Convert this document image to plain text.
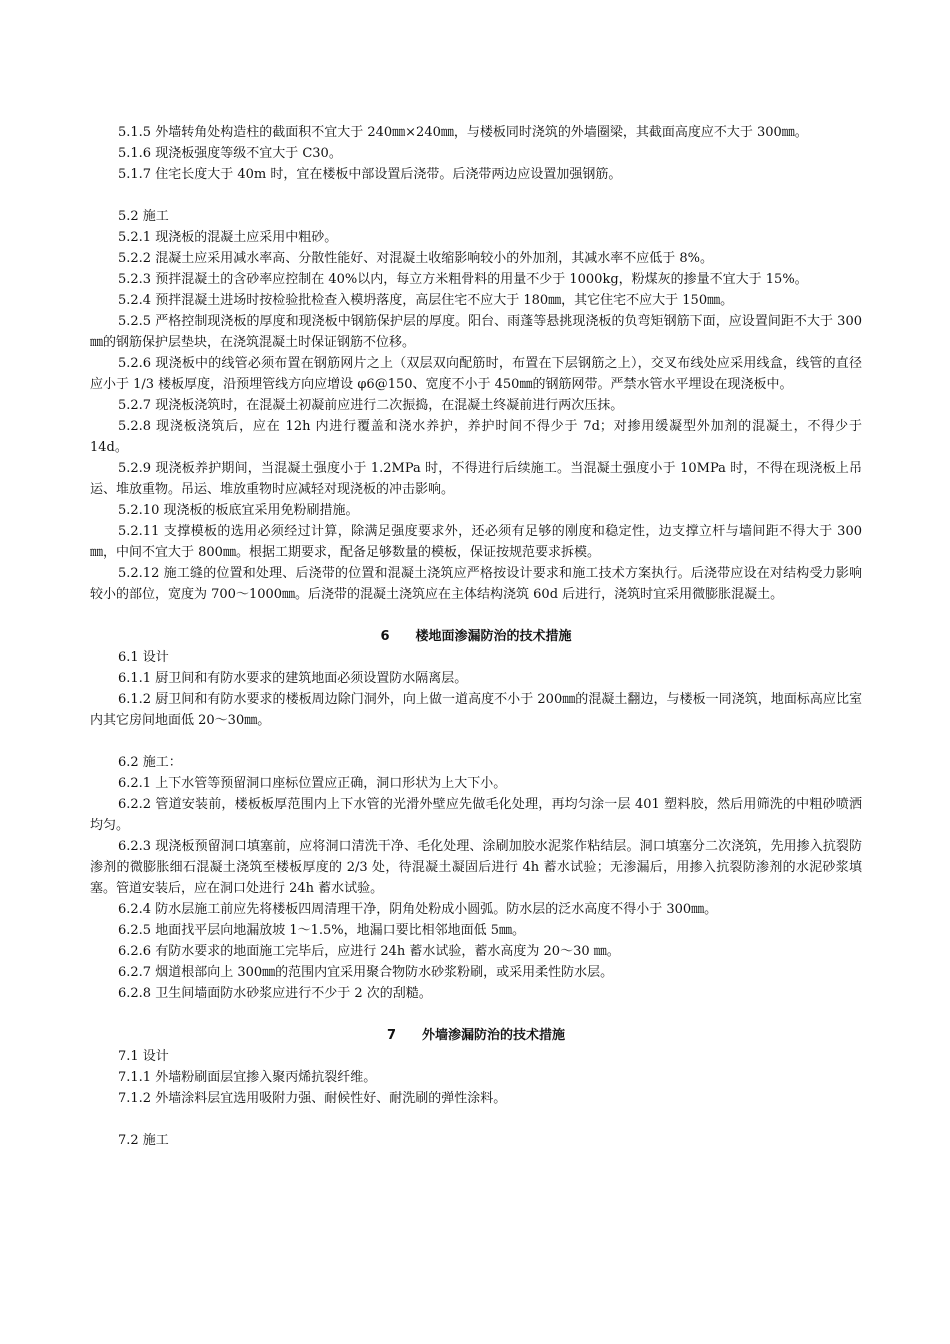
5.1.5 外墙转角处构造柱的截面积不宜大于 240㎜×240㎜，与楼板同时浇筑的外墙圈梁，其截面高度应不大于 300㎜。

5.1.6 现浇板强度等级不宜大于 C30。

5.1.7 住宅长度大于 40m 时，宜在楼板中部设置后浇带。后浇带两边应设置加强钢筋。

5.2 施工

5.2.1 现浇板的混凝土应采用中粗砂。

5.2.2 混凝土应采用减水率高、分散性能好、对混凝土收缩影响较小的外加剂，其减水率不应低于 8%。

5.2.3 预拌混凝土的含砂率应控制在 40%以内，每立方米粗骨料的用量不少于 1000kg，粉煤灰的掺量不宜大于 15%。

5.2.4 预拌混凝土进场时按检验批检查入模坍落度，高层住宅不应大于 180㎜，其它住宅不应大于 150㎜。

5.2.5 严格控制现浇板的厚度和现浇板中钢筋保护层的厚度。阳台、雨蓬等悬挑现浇板的负弯矩钢筋下面，应设置间距不大于 300㎜的钢筋保护层垫块，在浇筑混凝土时保证钢筋不位移。

5.2.6 现浇板中的线管必须布置在钢筋网片之上（双层双向配筋时，布置在下层钢筋之上），交叉布线处应采用线盒，线管的直径应小于 1/3 楼板厚度，沿预埋管线方向应增设 φ6@150、宽度不小于 450㎜的钢筋网带。严禁水管水平埋设在现浇板中。

5.2.7 现浇板浇筑时，在混凝土初凝前应进行二次振捣，在混凝土终凝前进行两次压抹。

5.2.8 现浇板浇筑后，应在 12h 内进行覆盖和浇水养护，养护时间不得少于 7d；对掺用缓凝型外加剂的混凝土，不得少于 14d。

5.2.9 现浇板养护期间，当混凝土强度小于 1.2MPa 时，不得进行后续施工。当混凝土强度小于 10MPa 时，不得在现浇板上吊运、堆放重物。吊运、堆放重物时应减轻对现浇板的冲击影响。

5.2.10 现浇板的板底宜采用免粉刷措施。

5.2.11 支撑模板的选用必须经过计算，除满足强度要求外，还必须有足够的刚度和稳定性，边支撑立杆与墙间距不得大于 300㎜，中间不宜大于 800㎜。根据工期要求，配备足够数量的模板，保证按规范要求拆模。

5.2.12 施工缝的位置和处理、后浇带的位置和混凝土浇筑应严格按设计要求和施工技术方案执行。后浇带应设在对结构受力影响较小的部位，宽度为 700～1000㎜。后浇带的混凝土浇筑应在主体结构浇筑 60d 后进行，浇筑时宜采用微膨胀混凝土。

6 楼地面渗漏防治的技术措施

6.1 设计

6.1.1 厨卫间和有防水要求的建筑地面必须设置防水隔离层。

6.1.2 厨卫间和有防水要求的楼板周边除门洞外，向上做一道高度不小于 200㎜的混凝土翻边，与楼板一同浇筑，地面标高应比室内其它房间地面低 20～30㎜。

6.2 施工：

6.2.1 上下水管等预留洞口座标位置应正确，洞口形状为上大下小。

6.2.2 管道安装前，楼板板厚范围内上下水管的光滑外壁应先做毛化处理，再均匀涂一层 401 塑料胶，然后用筛洗的中粗砂喷洒均匀。

6.2.3 现浇板预留洞口填塞前，应将洞口清洗干净、毛化处理、涂刷加胶水泥浆作粘结层。洞口填塞分二次浇筑，先用掺入抗裂防渗剂的微膨胀细石混凝土浇筑至楼板厚度的 2/3 处，待混凝土凝固后进行 4h 蓄水试验；无渗漏后，用掺入抗裂防渗剂的水泥砂浆填塞。管道安装后，应在洞口处进行 24h 蓄水试验。

6.2.4 防水层施工前应先将楼板四周清理干净，阴角处粉成小圆弧。防水层的泛水高度不得小于 300㎜。

6.2.5 地面找平层向地漏放坡 1～1.5%，地漏口要比相邻地面低 5㎜。

6.2.6 有防水要求的地面施工完毕后，应进行 24h 蓄水试验，蓄水高度为 20～30 ㎜。

6.2.7 烟道根部向上 300㎜的范围内宜采用聚合物防水砂浆粉刷，或采用柔性防水层。

6.2.8 卫生间墙面防水砂浆应进行不少于 2 次的刮糙。

7 外墙渗漏防治的技术措施

7.1 设计

7.1.1 外墙粉刷面层宜掺入聚丙烯抗裂纤维。

7.1.2 外墙涂料层宜选用吸附力强、耐候性好、耐洗刷的弹性涂料。

7.2 施工
